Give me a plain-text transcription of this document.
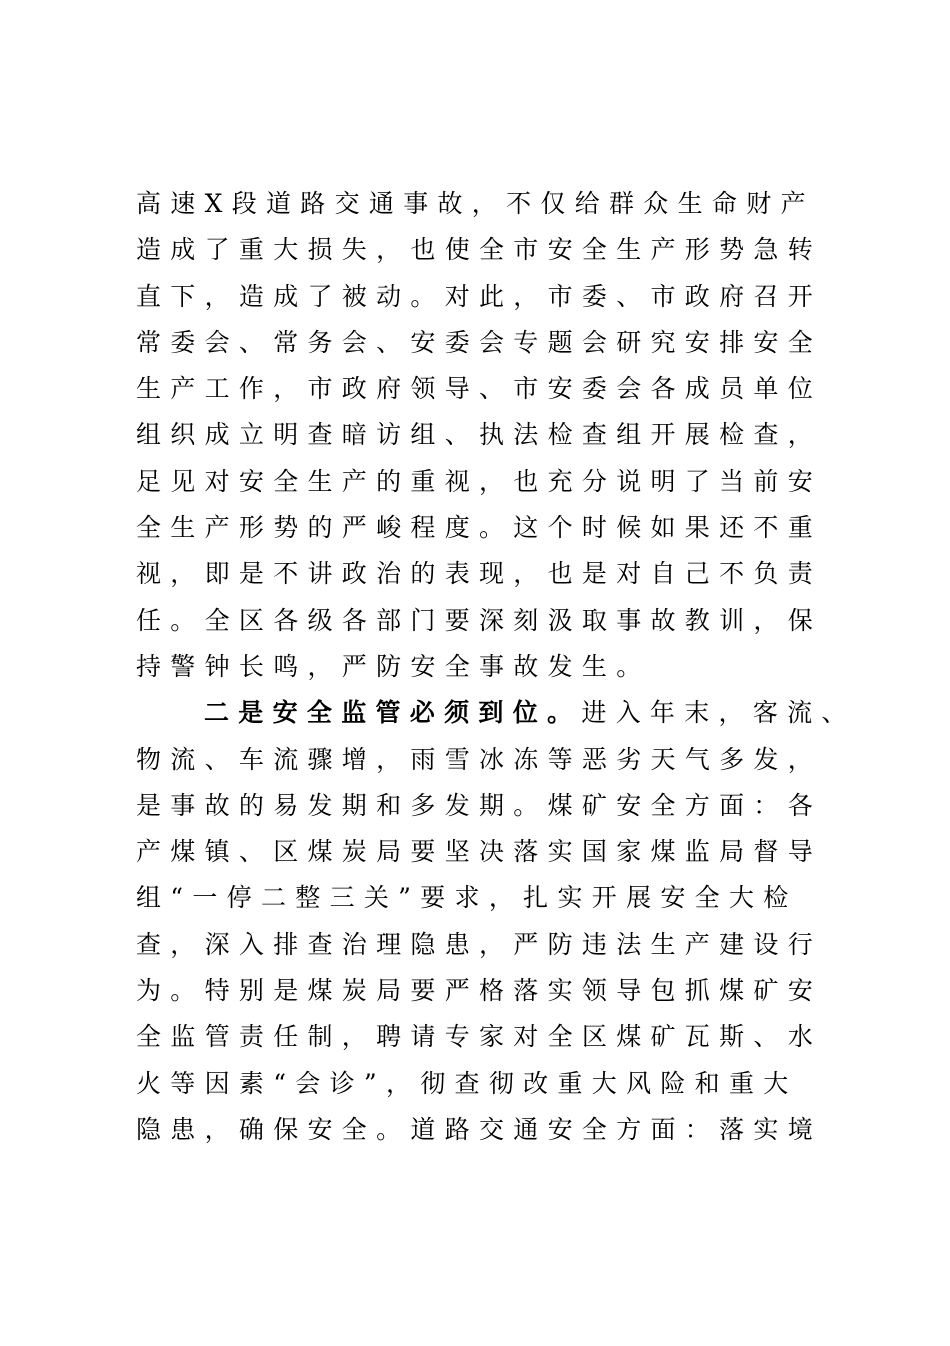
高速X段道路交通事故，不仅给群众生命财产
造成了重大损失，也使全市安全生产形势急转
直下，造成了被动。对此，市委、市政府召开
常委会、常务会、安委会专题会研究安排安全
生产工作，市政府领导、市安委会各成员单位
组织成立明查暗访组、执法检查组开展检查，
足见对安全生产的重视，也充分说明了当前安
全生产形势的严峻程度。这个时候如果还不重
视，即是不讲政治的表现，也是对自己不负责
任。全区各级各部门要深刻汲取事故教训，保
持警钟长鸣，严防安全事故发生。
二是安全监管必须到位。进入年末，客流、
物流、车流骤增，雨雪冰冻等恶劣天气多发，
是事故的易发期和多发期。煤矿安全方面：各
产煤镇、区煤炭局要坚决落实国家煤监局督导
组“一停二整三关”要求，扎实开展安全大检
查，深入排查治理隐患，严防违法生产建设行
为。特别是煤炭局要严格落实领导包抓煤矿安
全监管责任制，聘请专家对全区煤矿瓦斯、水
火等因素“会诊”，彻查彻改重大风险和重大
隐患，确保安全。道路交通安全方面：落实境
